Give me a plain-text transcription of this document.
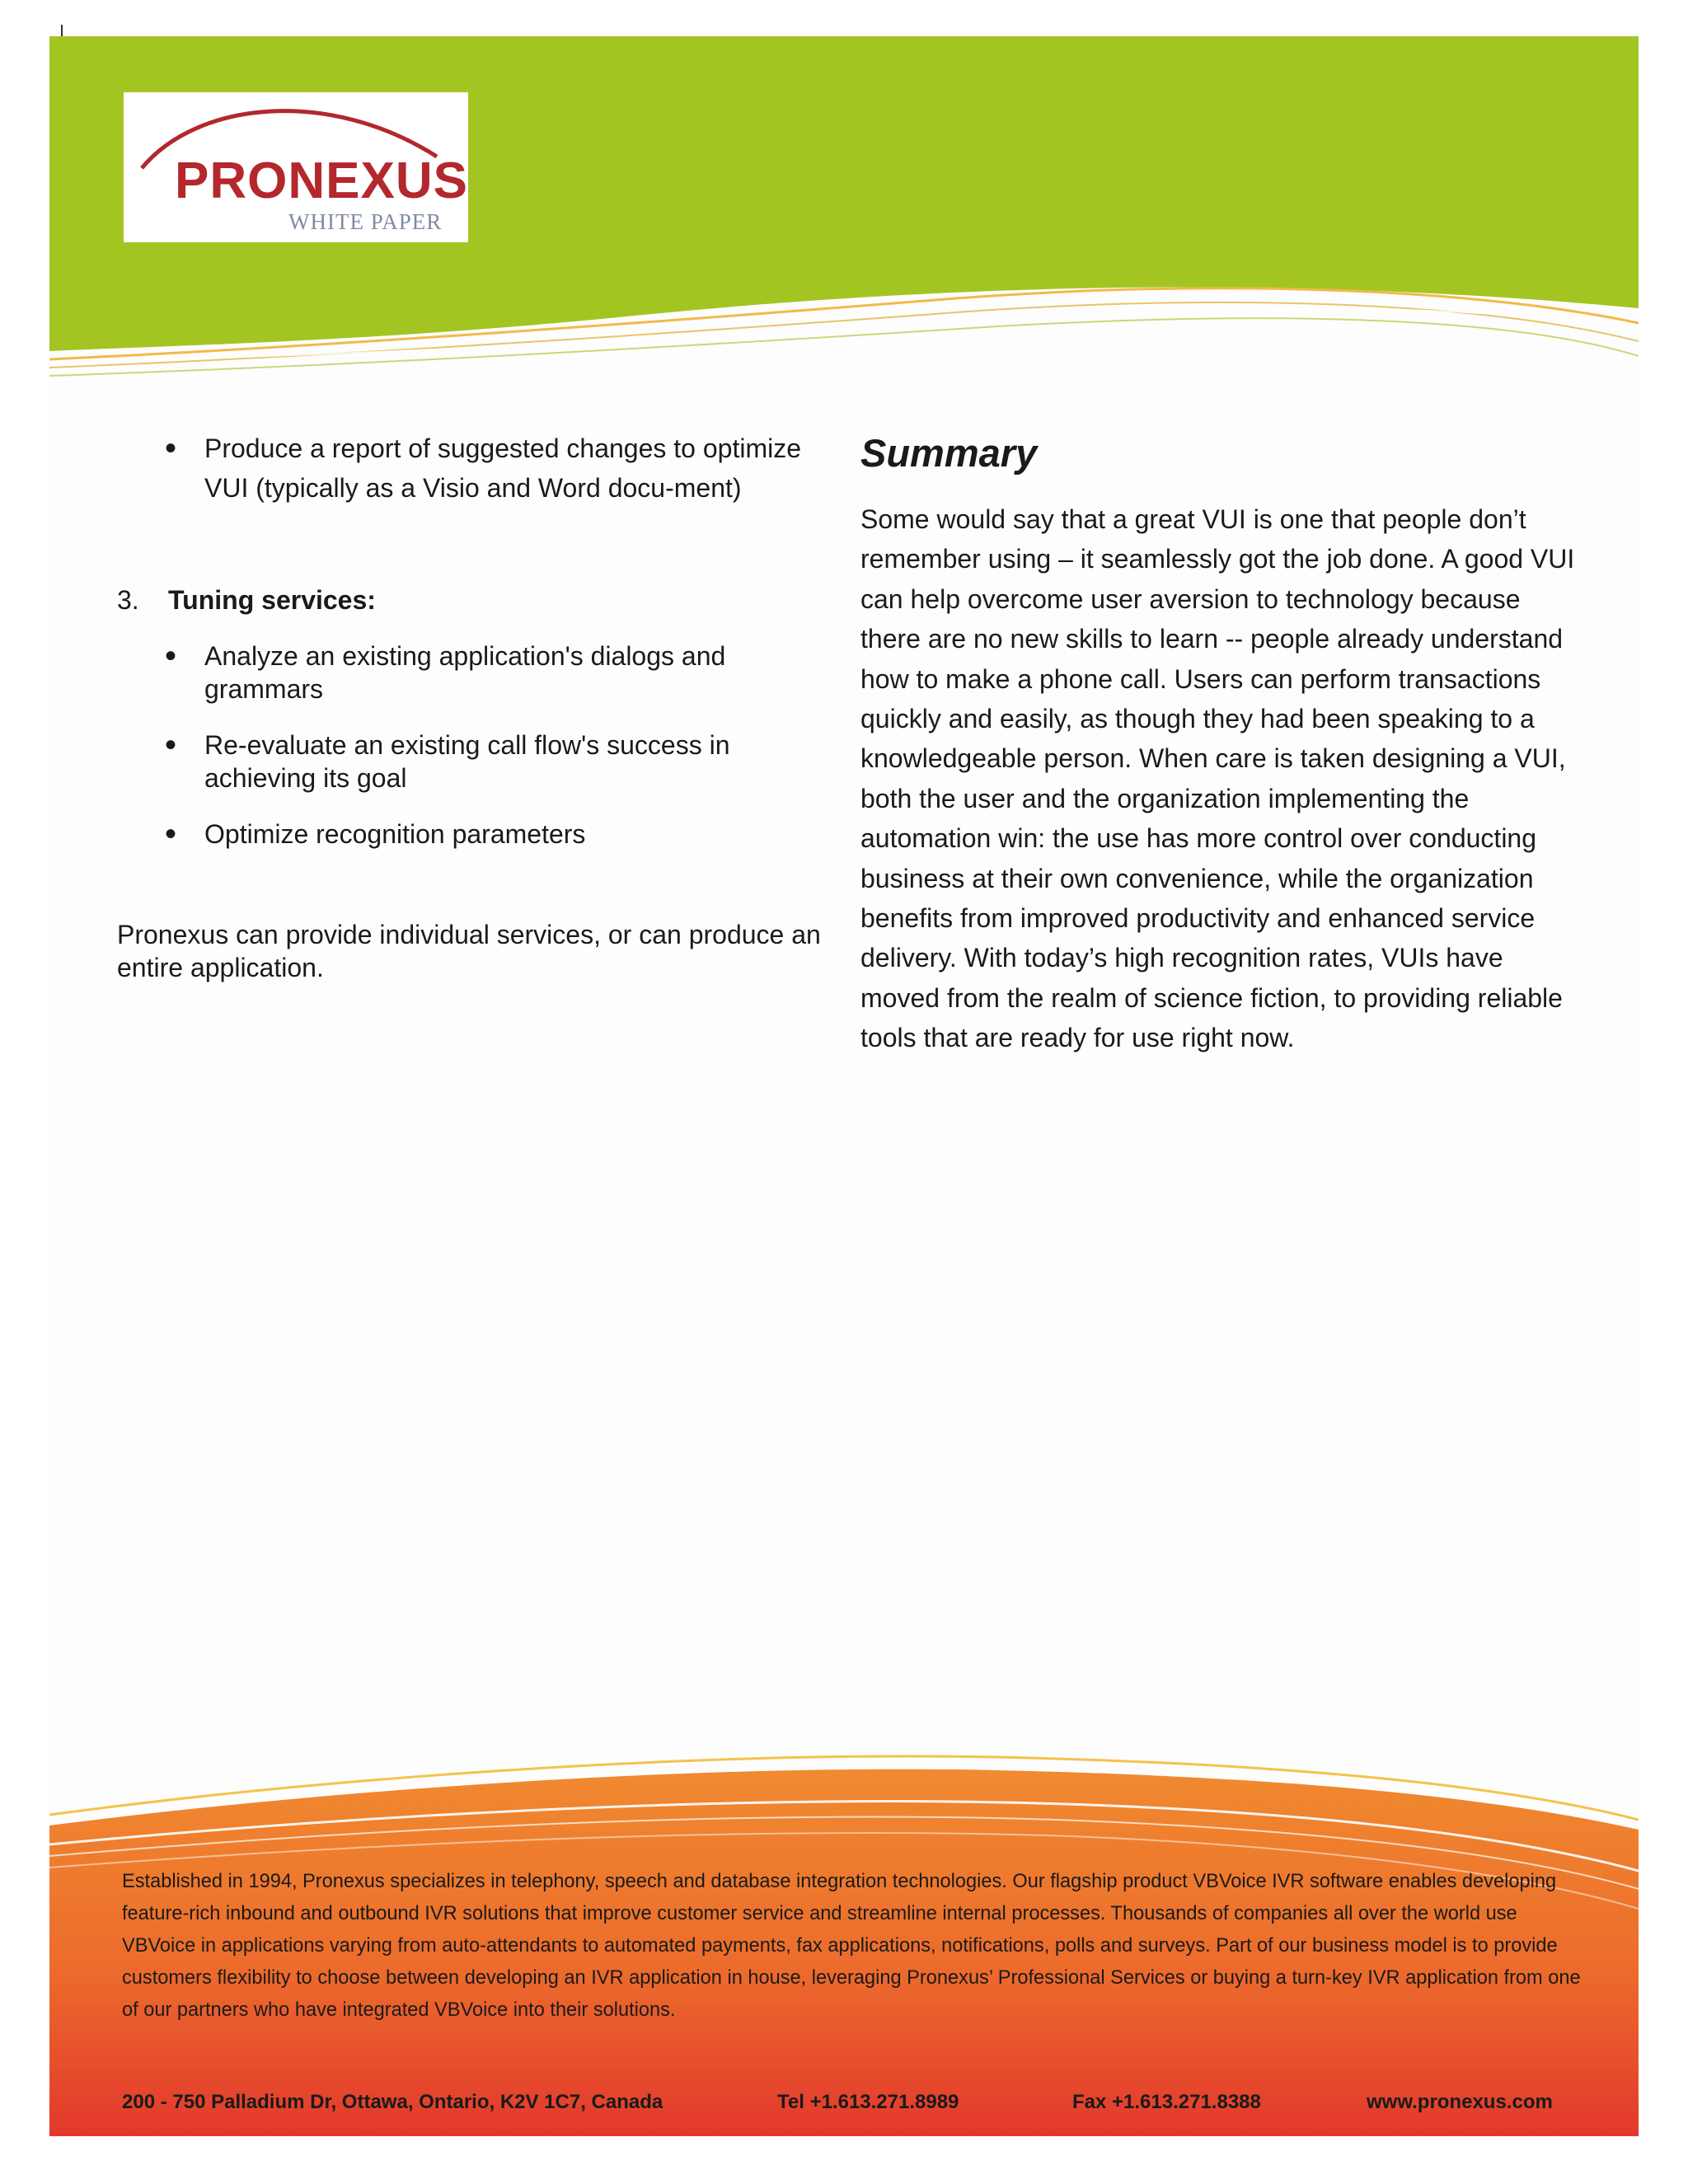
PRONEXUS
WHITE PAPER
• Produce a report of suggested changes to optimize VUI (typically as a Visio and Word docu-ment)
3. Tuning services:
• Analyze an existing application's dialogs and grammars
• Re-evaluate an existing call flow's success in achieving its goal
• Optimize recognition parameters
Pronexus can provide individual services, or can produce an entire application.
Summary
Some would say that a great VUI is one that people don’t remember using – it seamlessly got the job done. A good VUI can help overcome user aversion to technology because there are no new skills to learn -- people already understand how to make a phone call. Users can perform transactions quickly and easily, as though they had been speaking to a knowledgeable person. When care is taken designing a VUI, both the user and the organization implementing the automation win: the use has more control over conducting business at their own convenience, while the organization benefits from improved productivity and enhanced service delivery. With today’s high recognition rates, VUIs have moved from the realm of science fiction, to providing reliable tools that are ready for use right now.
Established in 1994, Pronexus specializes in telephony, speech and database integration technologies. Our flagship product VBVoice IVR software enables developing feature-rich inbound and outbound IVR solutions that improve customer service and streamline internal processes. Thousands of companies all over the world use VBVoice in applications varying from auto-attendants to automated payments, fax applications, notifications, polls and surveys. Part of our business model is to provide customers flexibility to choose between developing an IVR application in house, leveraging Pronexus’ Professional Services or buying a turn-key IVR application from one of our partners who have integrated VBVoice into their solutions.
200 - 750 Palladium Dr, Ottawa, Ontario, K2V 1C7, Canada	Tel +1.613.271.8989	Fax +1.613.271.8388	www.pronexus.com
